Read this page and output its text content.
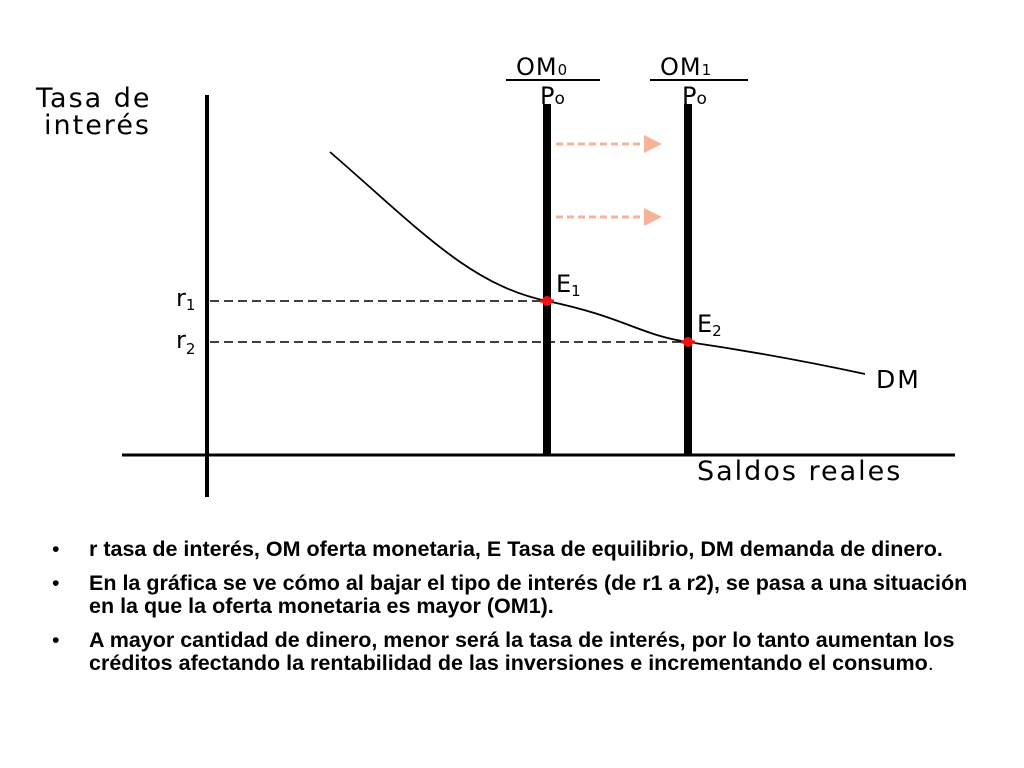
Tasa de
interés
Saldos reales
OM0
Po
OM1
Po
r1
$r_2$
E1
E2
DM
• r tasa de interés, OM oferta monetaria, E Tasa de equilibrio, DM demanda de dinero.
• En la gráfica se ve cómo al bajar el tipo de interés (de r1 a r2), se pasa a una situación en la que la oferta monetaria es mayor (OM1).
• A mayor cantidad de dinero, menor será la tasa de interés, por lo tanto aumentan los créditos afectando la rentabilidad de las inversiones e incrementando el consumo.
